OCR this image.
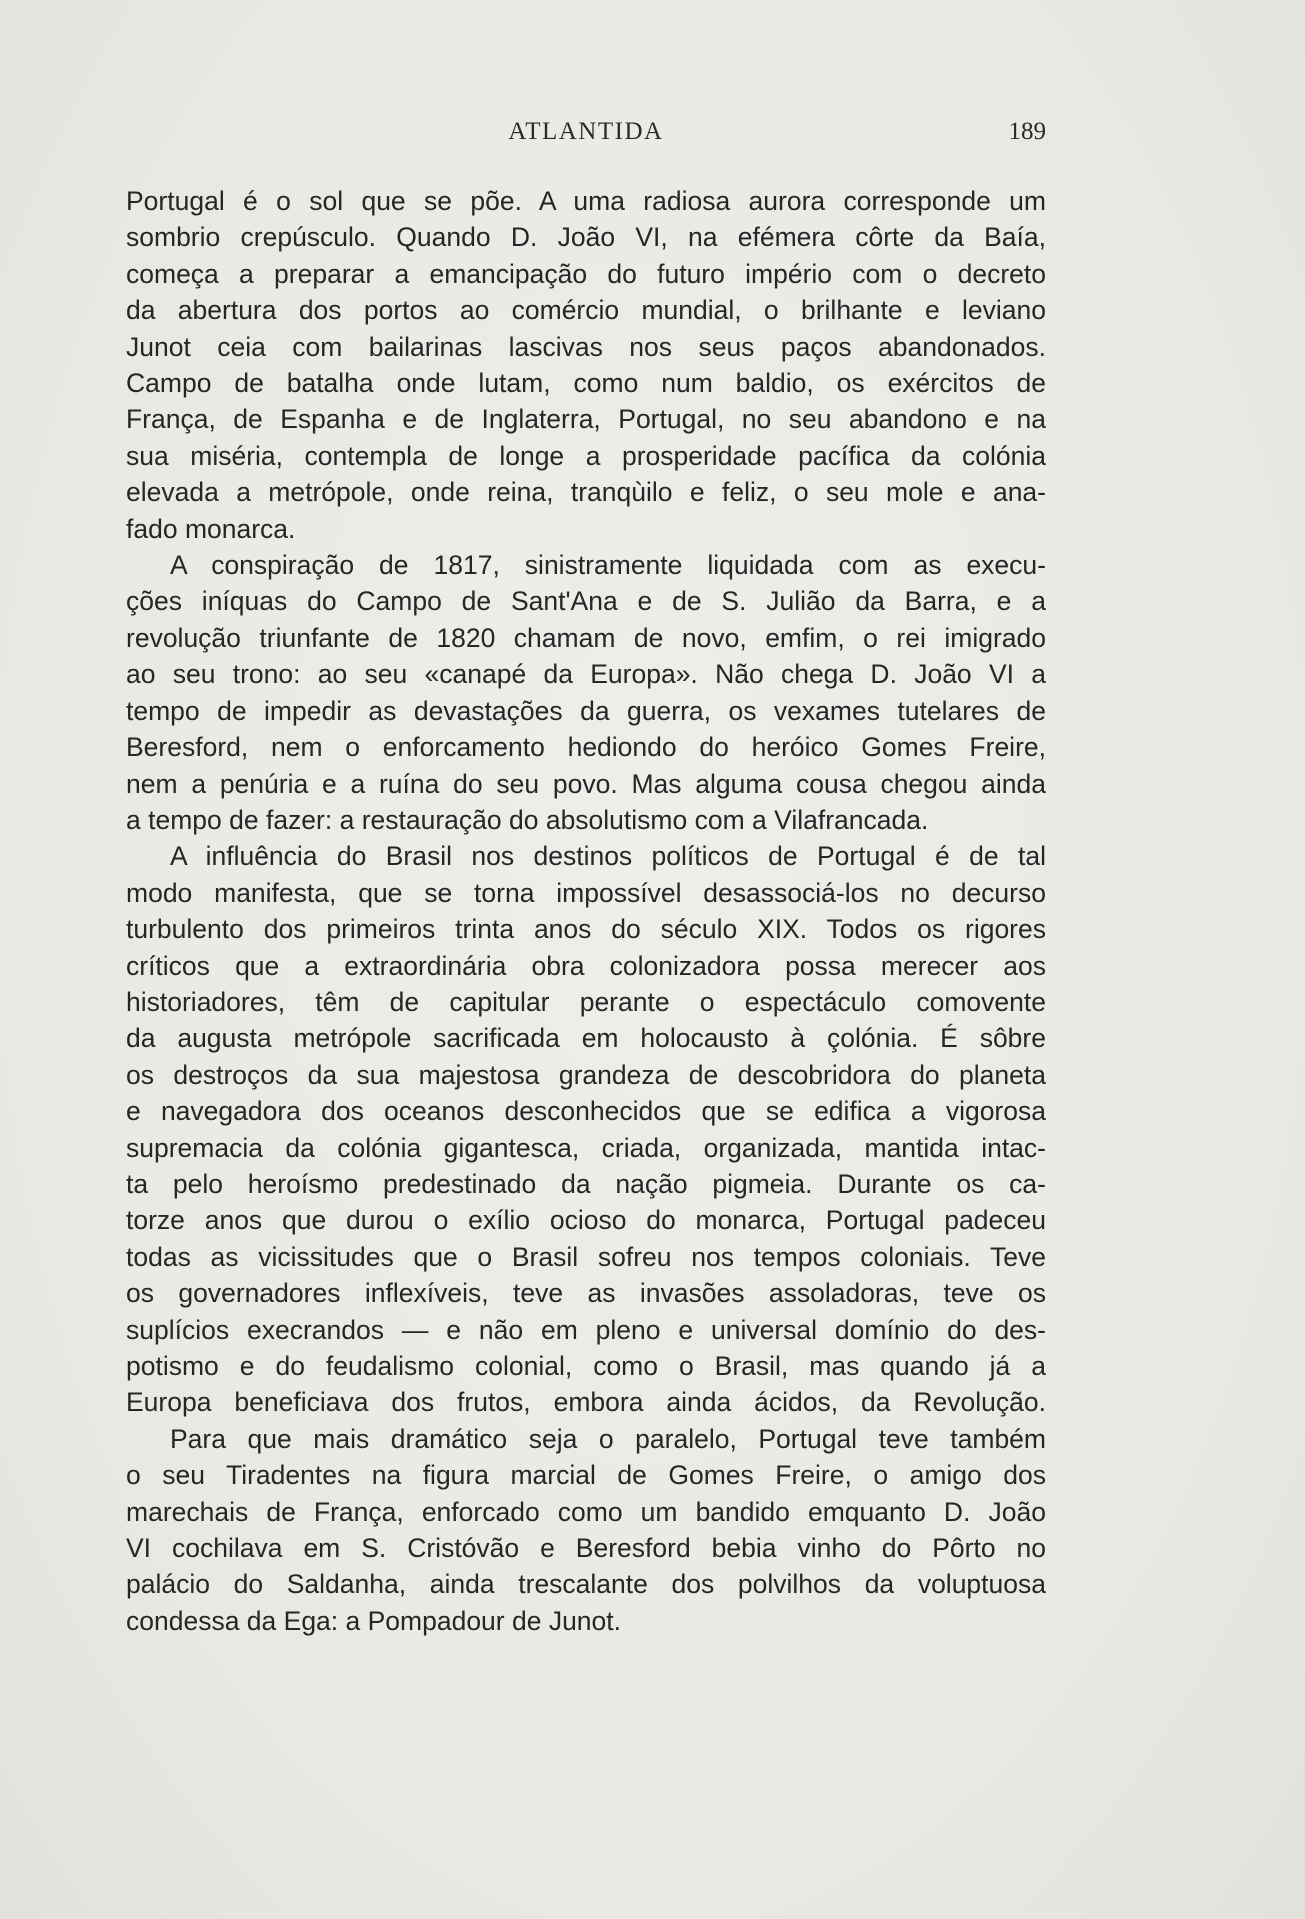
ATLANTIDA	189
Portugal é o sol que se põe. A uma radiosa aurora corresponde um
sombrio crepúsculo. Quando D. João VI, na efémera côrte da Baía,
começa a preparar a emancipação do futuro império com o decreto
da abertura dos portos ao comércio mundial, o brilhante e leviano
Junot ceia com bailarinas lascivas nos seus paços abandonados.
Campo de batalha onde lutam, como num baldio, os exércitos de
França, de Espanha e de Inglaterra, Portugal, no seu abandono e na
sua miséria, contempla de longe a prosperidade pacífica da colónia
elevada a metrópole, onde reina, tranqùilo e feliz, o seu mole e ana-
fado monarca.
A conspiração de 1817, sinistramente liquidada com as execu-
ções iníquas do Campo de Sant'Ana e de S. Julião da Barra, e a
revolução triunfante de 1820 chamam de novo, emfim, o rei imigrado
ao seu trono: ao seu «canapé da Europa». Não chega D. João VI a
tempo de impedir as devastações da guerra, os vexames tutelares de
Beresford, nem o enforcamento hediondo do heróico Gomes Freire,
nem a penúria e a ruína do seu povo. Mas alguma cousa chegou ainda
a tempo de fazer: a restauração do absolutismo com a Vilafrancada.
A influência do Brasil nos destinos políticos de Portugal é de tal
modo manifesta, que se torna impossível desassociá-los no decurso
turbulento dos primeiros trinta anos do século XIX. Todos os rigores
críticos que a extraordinária obra colonizadora possa merecer aos
historiadores, têm de capitular perante o espectáculo comovente
da augusta metrópole sacrificada em holocausto à çolónia. É sôbre
os destroços da sua majestosa grandeza de descobridora do planeta
e navegadora dos oceanos desconhecidos que se edifica a vigorosa
supremacia da colónia gigantesca, criada, organizada, mantida intac-
ta pelo heroísmo predestinado da nação pigmeia. Durante os ca-
torze anos que durou o exílio ocioso do monarca, Portugal padeceu
todas as vicissitudes que o Brasil sofreu nos tempos coloniais. Teve
os governadores inflexíveis, teve as invasões assoladoras, teve os
suplícios execrandos — e não em pleno e universal domínio do des-
potismo e do feudalismo colonial, como o Brasil, mas quando já a
Europa beneficiava dos frutos, embora ainda ácidos, da Revolução.
Para que mais dramático seja o paralelo, Portugal teve também
o seu Tiradentes na figura marcial de Gomes Freire, o amigo dos
marechais de França, enforcado como um bandido emquanto D. João
VI cochilava em S. Cristóvão e Beresford bebia vinho do Pôrto no
palácio do Saldanha, ainda trescalante dos polvilhos da voluptuosa
condessa da Ega: a Pompadour de Junot.
